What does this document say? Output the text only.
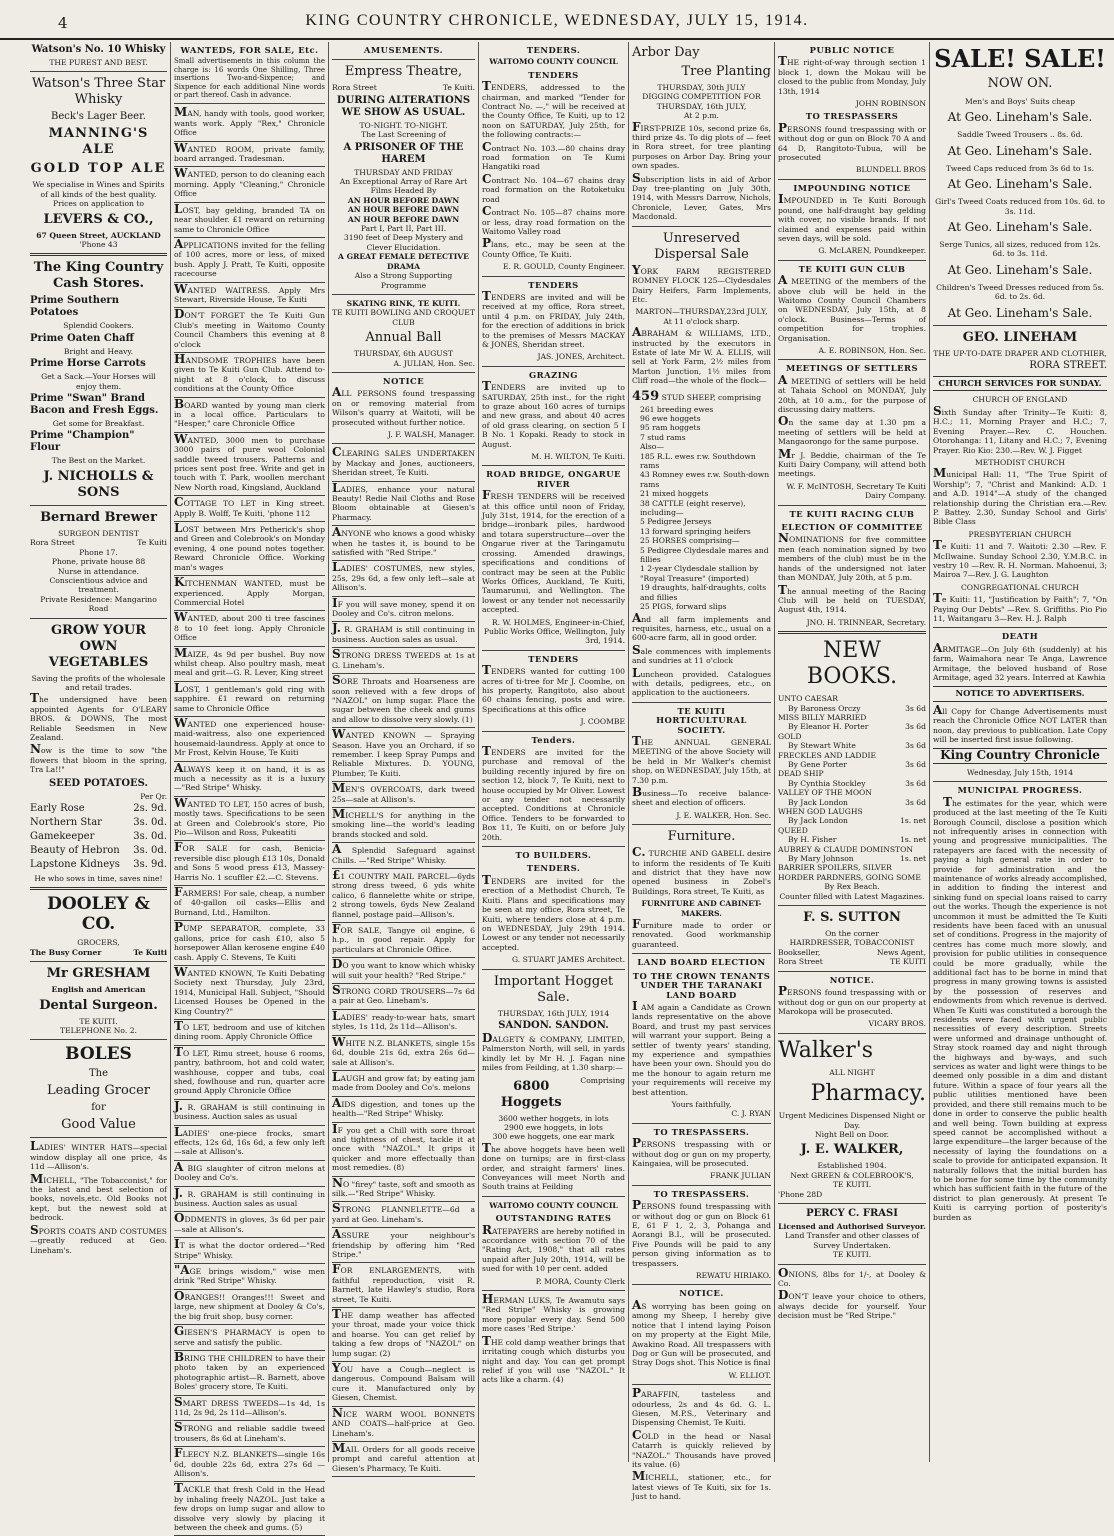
4	KING COUNTRY CHRONICLE, WEDNESDAY, JULY 15, 1914.
Watson's No. 10 Whisky
THE PUREST AND BEST.
Watson's Three Star Whisky
Beck's Lager Beer.
MANNING'S ALE
GOLD TOP ALE
We specialise in Wines and Spirits of all kinds of the best quality.
Prices on application to
LEVERS & CO.,
67 Queen Street, AUCKLAND
'Phone 43
The King Country Cash Stores.
Prime Southern Potatoes
Splendid Cookers.
Prime Oaten Chaff
Bright and Heavy.
Prime Horse Carrots
Get a Sack.—Your Horses will enjoy them.
Prime "Swan" Brand Bacon and Fresh Eggs.
Get some for Breakfast.
Prime "Champion" Flour
The Best on the Market.
J. NICHOLLS & SONS
Bernard Brewer
SURGEON DENTIST
Rora Street	Te Kuiti
Phone 17.
Phone, private house 88
Nurse in attendance.
Conscientious advice and treatment.
Private Residence: Mangarino Road
GROW YOUR OWN VEGETABLES
Saving the profits of the wholesale and retail trades.
The undersigned have been appointed Agents for O'LEARY BROS. & DOWNS, The most Reliable Seedsmen in New Zealand.
Now is the time to sow "the flowers that bloom in the spring, Tra La!!"
SEED POTATOES.
Per Qr.
Early Rose	2s. 9d.
Northern Star	3s. 0d.
Gamekeeper	3s. 0d.
Beauty of Hebron 3s. 0d.
Lapstone Kidneys 3s. 9d.
He who sows in time, saves nine!
DOOLEY & CO.
GROCERS,
The Busy Corner	Te Kuiti
Mr GRESHAM
English and American
Dental Surgeon.
TE KUITI.
TELEPHONE No. 2.
BOLES
The
Leading Grocer
for
Good Value
LADIES' WINTER HATS—special window display all one price, 4s 11d —Allison's.
MICHELL, "The Tobacconist," for the latest and best selection of books, novels,etc. Old Books not kept, but the newest sold at bedrock.
SPORTS COATS AND COSTUMES —greatly reduced at Geo. Lineham's.
WANTEDS, FOR SALE, Etc.
Small advertisements in this column the charge is: 16 words One Shilling, Three insertions Two-and-Sixpence; and Sixpence for each additional Nine words or part thereof. Cash in advance.
MAN, handy with tools, good worker, wants work. Apply "Rex," Chronicle Office
WANTED ROOM, private family, board arranged. Tradesman.
WANTED, person to do cleaning each morning. Apply "Cleaning," Chronicle Office
LOST, bay gelding, branded TA on near shoulder. £1 reward on returning same to Chronicle Office
APPLICATIONS invited for the felling of 100 acres, more or less, of mixed bush. Apply J. Pratt, Te Kuiti, opposite racecourse
WANTED WAITRESS. Apply Mrs Stewart, Riverside House, Te Kuiti
DON'T FORGET the Te Kuiti Gun Club's meeting in Waitomo County Council Chambers this evening at 8 o'clock
HANDSOME TROPHIES have been given to Te Kuiti Gun Club. Attend to-night at 8 o'clock, to discuss conditions at the County Office
BOARD wanted by young man clerk in a local office. Particulars to "Hesper," care Chronicle Office
WANTED, 3000 men to purchase 3000 pairs of pure wool Colonial saddle tweed trousers. Patterns and prices sent post free. Write and get in touch with T. Park, woollen merchant New North road, Kingsland, Auckland
COTTAGE TO LET in King street. Apply B. Wolff, Te Kuiti, 'phone 112
LOST between Mrs Petherick's shop and Green and Colebrook's on Monday evening, 4 one pound notes together. Reward Chronicle Office. Working man's wages
KITCHENMAN WANTED, must be experienced. Apply Morgan, Commercial Hotel
WANTED, about 200 ti tree fascines 8 to 10 feet long. Apply Chronicle Office
MAIZE, 4s 9d per bushel. Buy now whilst cheap. Also poultry mash, meat meal and grit—G. R. Lever, King street
LOST, 1 gentleman's gold ring with sapphire. £1 reward on returning same to Chronicle Office
WANTED one experienced house-maid-waitress, also one experienced housemaid-laundress. Apply at once to Mr Frost, Kelvin House, Te Kuiti
ALWAYS keep it on hand, it is as much a necessity as it is a luxury —"Red Stripe" Whisky.
WANTED TO LET, 150 acres of bush, mostly taws. Specifications to be seen at Green and Colebrook's store, Pio Pio—Wilson and Ross, Pukeatiti
FOR SALE for cash, Benicia-reversible disc plough £13 10s, Donald and Sons 5 wood press £13, Massey-Harris No. 1 scuffler £2.—C. Stevens.
FARMERS! For sale, cheap, a number of 40-gallon oil casks—Ellis and Burnand, Ltd., Hamilton.
PUMP SEPARATOR, complete, 33 gallons, price for cash £10, also 5 horsepower Allan kerosene engine £40 cash. Apply C. Stevens, Te Kuiti
WANTED KNOWN, Te Kuiti Debating Society next Thursday, July 23rd, 1914, Municipal Hall. Subject, "Should Licensed Houses be Opened in the King Country?"
TO LET, bedroom and use of kitchen dining room. Apply Chronicle Office
TO LET, Rimu street, house 6 rooms, pantry, bathroom, hot and cold water, washhouse, copper and tubs, coal shed, fowlhouse and run, quarter acre ground Apply Chronicle Office
J. R. GRAHAM is still continuing in business. Auction sales as usual
LADIES' one-piece frocks, smart effects, 12s 6d, 16s 6d, a few only left—sale at Allison's.
A BIG slaughter of citron melons at Dooley and Co's.
J. R. GRAHAM is still continuing in business. Auction sales as usual
ODDMENTS in gloves, 3s 6d per pair—sale at Allison's.
IT is what the doctor ordered—"Red Stripe" Whisky.
"AGE brings wisdom," wise men drink "Red Stripe" Whisky.
ORANGES!! Oranges!!! Sweet and large, new shipment at Dooley & Co's, the big fruit shop, busy corner.
GIESEN'S PHARMACY is open to serve and satisfy the public.
BRING THE CHILDREN to have their photo taken by an experienced photographic artist—R. Barnett, above Boles' grocery store, Te Kuiti.
SMART DRESS TWEEDS—1s 4d, 1s 11d, 2s 9d, 2s 11d—Allison's.
STRONG and reliable saddle tweed trousers, 8s 6d at Lineham's.
FLEECY N.Z. BLANKETS—single 16s 6d, double 22s 6d, extra 27s 6d —Allison's.
TACKLE that fresh Cold in the Head by inhaling freely NAZOL. Just take a few drops on lump sugar and allow to dissolve very slowly by placing it between the cheek and gums. (5)
AMUSEMENTS.
Empress Theatre,
Rora Street	Te Kuiti.
DURING ALTERATIONS WE SHOW AS USUAL.
TO-NIGHT. TO-NIGHT.
The Last Screening of
A PRISONER OF THE HAREM
THURSDAY AND FRIDAY
An Exceptional Array of Rare Art Films Headed By
AN HOUR BEFORE DAWN
AN HOUR BEFORE DAWN
AN HOUR BEFORE DAWN
Part I, Part II, Part III.
3190 feet of Deep Mystery and Clever Elucidation.
A GREAT FEMALE DETECTIVE DRAMA
Also a Strong Supporting Programme
SKATING RINK, TE KUITI.
TE KUITI BOWLING AND CROQUET CLUB
Annual Ball
THURSDAY, 6th AUGUST
A. JULIAN, Hon. Sec.
NOTICE
ALL PERSONS found trespassing on or removing material from Wilson's quarry at Waitoti, will be prosecuted without further notice.
J. F. WALSH, Manager.
CLEARING SALES UNDERTAKEN by Mackay and Jones, auctioneers, Sheridan street, Te Kuiti.
LADIES, enhance your natural Beauty! Redie Nail Cloths and Rose Bloom obtainable at Giesen's Pharmacy.
ANYONE who knows a good whisky when he tastes it, is bound to be satisfied with "Red Stripe."
LADIES' COSTUMES, new styles, 25s, 29s 6d, a few only left—sale at Allison's.
IF you will save money, spend it on Dooley and Co's. citron melons.
J. R. GRAHAM is still continuing in business. Auction sales as usual.
STRONG DRESS TWEEDS at 1s at G. Lineham's.
SORE Throats and Hoarseness are soon relieved with a few drops of "NAZOL" on lump sugar. Place the sugar between the cheek and gums and allow to dissolve very slowly. (1)
WANTED KNOWN — Spraying Season. Have you an Orchard, if so remember. I keep Spray Pumps and Reliable Mixtures. D. YOUNG, Plumber, Te Kuiti.
MEN'S OVERCOATS, dark tweed 25s—sale at Allison's.
MICHELL'S for anything in the smoking line—the world's leading brands stocked and sold.
A Splendid Safeguard against Chills. —"Red Stripe" Whisky.
£1 COUNTRY MAIL PARCEL—6yds strong dress tweed, 6 yds white calico, 6 flannelette white or stripe, 2 strong towels, 6yds New Zealand flannel, postage paid—Allison's.
FOR SALE, Tangye oil engine, 6 h.p., in good repair. Apply for particulars at Chronicle Office.
DO you want to know which whisky will suit your health? "Red Stripe."
STRONG CORD TROUSERS—7s 6d a pair at Geo. Lineham's.
LADIES' ready-to-wear hats, smart styles, 1s 11d, 2s 11d—Allison's.
WHITE N.Z. BLANKETS, single 15s 6d, double 21s 6d, extra 26s 6d—sale at Allison's.
LAUGH and grow fat; by eating jam made from Dooley and Co's. melons
AIDS digestion, and tones up the health—"Red Stripe" Whisky.
IF you get a Chill with sore throat and tightness of chest, tackle it at once with "NAZOL." It grips it quicker and more effectually than most remedies. (8)
NO "firey" taste, soft and smooth as silk.—"Red Stripe" Whisky.
STRONG FLANNELETTE—6d a yard at Geo. Lineham's.
ASSURE your neighbour's friendship by offering him "Red Stripe."
FOR ENLARGEMENTS, with faithful reproduction, visit R. Barnett, late Hawley's studio, Rora street, Te Kuiti.
THE damp weather has affected your throat, made your voice thick and hoarse. You can get relief by taking a few drops of "NAZOL" on lump sugar. (2)
YOU have a Cough—neglect is dangerous. Compound Balsam will cure it. Manufactured only by Giesen, Chemist.
NICE WARM WOOL BONNETS AND COATS—half-price at Geo. Lineham's.
MAIL Orders for all goods receive prompt and careful attention at Giesen's Pharmacy, Te Kuiti.
TENDERS.
WAITOMO COUNTY COUNCIL
TENDERS
TENDERS, addressed to the chairman, and marked "Tender for Contract No. —," will be received at the County Office, Te Kuiti, up to 12 noon on SATURDAY, July 25th, for the following contracts:—
Contract No. 103.—80 chains dray road formation on Te Kumi Hangatiki road
Contract No. 104—67 chains dray road formation on the Rotoketuku road
Contract No. 105—87 chains more or less, dray road formation on the Waitomo Valley road
Plans, etc., may be seen at the County Office, Te Kuiti.
E. R. GOULD, County Engineer.
TENDERS
TENDERS are invited and will be received at my office, Rora street, until 4 p.m. on FRIDAY, July 24th, for the erection of additions in brick to the premises of Messrs MACKAY & JONES, Sheridan street.
JAS. JONES, Architect.
GRAZING
TENDERS are invited up to SATURDAY, 25th inst., for the right to graze about 160 acres of turnips and new grass, and about 40 acres of old grass clearing, on section 5 I B No. 1 Kopaki. Ready to stock in August.
M. H. WILTON, Te Kuiti.
ROAD BRIDGE, ONGARUE RIVER
FRESH TENDERS will be received at this office until noon of Friday, July 31st, 1914, for the erection of a bridge—ironbark piles, hardwood and totara superstructure—over the Ongarue river at the Taringamutu crossing. Amended drawings, specifications and conditions of contract may be seen at the Public Works Offices, Auckland, Te Kuiti, Taumarunui, and Wellington. The lowest or any tender not necessarily accepted.
R. W. HOLMES, Engineer-in-Chief, Public Works Office, Wellington, July 3rd, 1914.
TENDERS
TENDERS wanted for cutting 100 acres of ti-tree for Mr J. Coombe, on his property, Rangitoto, also about 60 chains fencing, posts and wire. Specifications at this office
J. COOMBE
Tenders.
TENDERS are invited for the purchase and removal of the building recently injured by fire on section 12, block 7, Te Kuiti, next to house occupied by Mr Oliver. Lowest or any tender not necessarily accepted. Conditions at Chronicle Office. Tenders to be forwarded to Box 11, Te Kuiti, on or before July 20th.
TO BUILDERS.
TENDERS.
TENDERS are invited for the erection of a Methodist Church, Te Kuiti. Plans and specifications may be seen at my office, Rora street, Te Kuiti, where tenders close at 4 p.m. on WEDNESDAY, July 29th 1914. Lowest or any tender not necessarily accepted.
G. STUART JAMES Architect.
Important Hogget Sale.
THURSDAY, 16th JULY, 1914
SANDON. SANDON.
DALGETY & COMPANY, LIMITED, Palmerston North, will sell, in yards kindly let by Mr H. J. Fagan nine miles from Feilding, at 1.30 sharp:—
6800 Hoggets
Comprising
3600 wether hoggets, in lots
2900 ewe hoggets, in lots
300 ewe hoggets, one ear mark
The above hoggets have been well done on turnips; are in first-class order, and straight farmers' lines. Conveyances will meet North and South trains at Feilding
WAITOMO COUNTY COUNCIL
OUTSTANDING RATES
RATEPAYERS are hereby notified in accordance with section 70 of the "Rating Act, 1908," that all rates unpaid after July 20th, 1914, will be sued for with 10 per cent. added
P. MORA, County Clerk
HERMAN LUKS, Te Awamutu says "Red Stripe" Whisky is growing more popular every day. Send 500 more cases 'Red Stripe.'
THE cold damp weather brings that irritating cough which disturbs you night and day. You can get prompt relief if you will use "NAZOL." It acts like a charm. (4)
Arbor Day
Tree Planting
THURSDAY, 30th JULY
DIGGING COMPETITION FOR THURSDAY, 16th JULY,
At 2 p.m.
FIRST-PRIZE 10s, second prize 6s, third prize 4s. To dig plots of — feet in Rora street, for tree planting purposes on Arbor Day. Bring your own spades.
Subscription lists in aid of Arbor Day tree-planting on July 30th, 1914, with Messrs Darrow, Nichols, Chronicle, Lever, Gates, Mrs Macdonald.
Unreserved Dispersal Sale
YORK FARM REGISTERED ROMNEY FLOCK 125—Clydesdales Dairy Heifers, Farm Implements, Etc.
MARTON—THURSDAY,23rd JULY,
At 11 o'clock sharp.
ABRAHAM & WILLIAMS, LTD., instructed by the executors in Estate of late Mr W. A. ELLIS, will sell at York Farm, 2½ miles from Marton Junction, 1½ miles from Cliff road—the whole of the flock—
459 STUD SHEEP, comprising
261 breeding ewes
96 ewe hoggets
95 ram hoggets
7 stud rams
Also—
185 R.L. ewes r.w. Southdown rams
43 Romney ewes r.w. South-down rams
21 mixed hoggets
38 CATTLE (eight reserve), including—
5 Pedigree Jerseys
13 forward springing heifers
25 HORSES comprising—
5 Pedigree Clydesdale mares and fillies
1 2-year Clydesdale stallion by "Royal Treasure" (imported)
19 draughts, half-draughts, colts and fillies
25 PIGS, forward slips
And all farm implements and requisites, harness, etc., usual on a 600-acre farm, all in good order.
Sale commences with implements and sundries at 11 o'clock
Luncheon provided. Catalogues with details, pedigrees, etc., on application to the auctioneers.
TE KUITI HORTICULTURAL SOCIETY.
THE ANNUAL GENERAL MEETING of the above Society will be held in Mr Walker's chemist shop, on WEDNESDAY, July 15th, at 7.30 p.m.
Business—To receive balance-sheet and election of officers.
J. E. WALKER, Hon. Sec.
Furniture.
C. TURCHIE AND GABELL desire to inform the residents of Te Kuiti and district that they have now opened business in Zobel's Buildings, Rora street, Te Kuiti, as
FURNITURE AND CABINET-MAKERS.
Furniture made to order or renovated. Good workmanship guaranteed.
LAND BOARD ELECTION
TO THE CROWN TENANTS UNDER THE TARANAKI LAND BOARD
I AM again a Candidate as Crown lands representative on the above Board, and trust my past services will warrant your support. Being a settler of twenty years' standing, my experience and sympathies have been your own. Should you do me the honour to again return me your requirements will receive my best attention.
Yours faithfully,
C. J. RYAN
TO TRESPASSERS.
PERSONS trespassing with or without dog or gun on my property, Kaingaiea, will be prosecuted.
FRANK JULIAN
TO TRESPASSERS.
PERSONS found trespassing with or without dog or gun on Block 61 E, 61 F 1, 2, 3, Pohanga and Aorangi B.I., will be prosecuted. Five Pounds will be paid to any person giving information as to trespassers.
REWATU HIRIAKO.
NOTICE.
AS worrying has been going on among my Sheep, I hereby give notice that I intend laying Poison on my property at the Eight Mile, Awakino Road. All trespassers with Dog or Gun will be prosecuted, and Stray Dogs shot. This Notice is final
W. ELLIOT.
PARAFFIN, tasteless and odourless, 2s and 4s 6d. G. L. Giesen, M.P.S., Veterinary and Dispensing Chemist, Te Kuiti.
COLD in the head or Nasal Catarrh is quickly relieved by "NAZOL." Thousands have proved its value. (6)
MICHELL, stationer, etc., for latest views of Te Kuiti, six for 1s. Just to hand.
PUBLIC NOTICE
THE right-of-way through section 1 block 1, down the Mokau will be closed to the public from Monday, July 13th, 1914
JOHN ROBINSON
TO TRESPASSERS
PERSONS found trespassing with or without dog or gun on Block 70 A and 64 D, Rangitoto-Tubua, will be prosecuted
BLUNDELL BROS
IMPOUNDING NOTICE
IMPOUNDED in Te Kuiti Borough pound, one half-draught bay gelding with cover, no visible brands. If not claimed and expenses paid within seven days, will be sold.
G. McLAREN, Poundkeeper.
TE KUITI GUN CLUB
A MEETING of the members of the above club will be held in the Waitomo County Council Chambers on WEDNESDAY, July 15th, at 8 o'clock. Business—Terms of competition for trophies. Organisation.
A. E. ROBINSON, Hon. Sec.
MEETINGS OF SETTLERS
A MEETING of settlers will be held at Tahaia School on MONDAY, July 20th, at 10 a.m., for the purpose of discussing dairy matters.
On the same day at 1.30 pm a meeting of settlers will be held at Mangaorongo for the same purpose.
Mr J. Beddie, chairman of the Te Kuiti Dairy Company, will attend both meetings.
W. F. McINTOSH, Secretary Te Kuiti Dairy Company.
TE KUITI RACING CLUB
ELECTION OF COMMITTEE
NOMINATIONS for five committee men (each nomination signed by two members of the club) must be in the hands of the undersigned not later than MONDAY, July 20th, at 5 p.m.
The annual meeting of the Racing Club will be held on TUESDAY, August 4th, 1914.
JNO. H. TRINNEAR, Secretary.
NEW BOOKS.
UNTO CAESAR
By Baroness Orczy	3s 6d
MISS BILLY MARRIED
By Eleanor H. Porter	3s 6d
GOLD
By Stewart White	3s 6d
FRECKLES AND LADDIE
By Gene Porter	3s 6d
DEAD SHIP
By Cynthia Stockley	3s 6d
VALLEY OF THE MOON
By Jack London	3s 6d
WHEN GOD LAUGHS
By Jack London	1s. net
QUEED
By H. Fisher	1s. net
AUBREY & CLAUDE DOMINSTON
By Mary Johnson	1s. net
BARRIER SPOILERS, SILVER HORDER PARDNERS, GOING SOME
By Rex Beach.
Counter filled with Latest Magazines.
F. S. SUTTON
On the corner
HAIRDRESSER, TOBACCONIST
Bookseller,	News Agent,
Rora Street	TE KUITI
NOTICE.
PERSONS found trespassing with or without dog or gun on our property at Marokopa will be prosecuted.
VICARY BROS.
Walker's
ALL NIGHT
Pharmacy.
Urgent Medicines Dispensed Night or Day.
Night Bell on Door.
J. E. WALKER,
Established 1904.
Next GREEN & COLEBROOK'S,
TE KUITI.
'Phone 28D
PERCY C. FRASI
Licensed and Authorised Surveyor.
Land Transfer and other classes of Survey Undertaken.
TE KUITI.
ONIONS, 8lbs for 1/-, at Dooley & Co.
DON'T leave your choice to others, always decide for yourself. Your decision must be "Red Stripe."
SALE! SALE!
NOW ON.
Men's and Boys' Suits cheap
At Geo. Lineham's Sale.
Saddle Tweed Trousers .. 8s. 6d.
At Geo. Lineham's Sale.
Tweed Caps reduced from 3s 6d to 1s.
At Geo. Lineham's Sale.
Girl's Tweed Coats reduced from 10s. 6d. to 3s. 11d.
At Geo. Lineham's Sale.
Serge Tunics, all sizes, reduced from 12s. 6d. to 3s. 11d.
At Geo. Lineham's Sale.
Children's Tweed Dresses reduced from 5s. 6d. to 2s. 6d.
At Geo. Lineham's Sale.
GEO. LINEHAM
THE UP-TO-DATE DRAPER AND CLOTHIER,
RORA STREET.
CHURCH SERVICES FOR SUNDAY.
CHURCH OF ENGLAND
Sixth Sunday after Trinity—Te Kuiti: 8, H.C.; 11, Morning Prayer and H.C.; 7, Evening Prayer.—Rev. C. Houchen. Otorohanga: 11, Litany and H.C.; 7, Evening Prayer. Rio Kio: 230.—Rev. W. J. Figget
METHODIST CHURCH
Municipal Hall: 11, "The True Spirit of Worship"; 7, "Christ and Mankind: A.D. 1 and A.D. 1914"—A study of the changed relationship during the Christian era.—Rev. P. Battey. 2.30, Sunday School and Girls' Bible Class
PRESBYTERIAN CHURCH
Te Kuiti: 11 and 7. Waitoti: 2.30 —Rev. F. McIlwaine. Sunday School 2.30, Y.M.B.C. in vestry 10 —Rev. R. H. Norman. Mahoenui, 3; Mairoa 7—Rev. J. G. Laughton
CONGREGATIONAL CHURCH
Te Kuiti: 11, "Justification by Faith"; 7, "On Paying Our Debts" —Rev. S. Griffiths. Pio Pio 11, Waitangaru 3—Rev. H. J. Ralph
DEATH
ARMITAGE—On July 6th (suddenly) at his farm, Waimahora near Te Anga, Lawrence Armitage, the beloved husband of Rose Armitage, aged 32 years. Interred at Kawhia
NOTICE TO ADVERTISERS.
All Copy for Change Advertisements must reach the Chronicle Office NOT LATER than noon, day previous to publication. Late Copy will be inserted first issue following.
King Country Chronicle
Wednesday, July 15th, 1914
MUNICIPAL PROGRESS.
The estimates for the year, which were produced at the last meeting of the Te Kuiti Borough Council, disclose a position which not infrequently arises in connection with young and progressive municipalities. The ratepayers are faced with the necessity of paying a high general rate in order to provide for administration and the maintenance of works already accomplished, in addition to finding the interest and sinking fund on special loans raised to carry out the works. Though the experience is not uncommon it must be admitted the Te Kuiti residents have been faced with an unusual set of conditions. Progress in the majority of centres has come much more slowly, and provision for public utilities in consequence could be more gradually, while the additional fact has to be borne in mind that progress in many growing towns is assisted by the possession of reserves and endowments from which revenue is derived. When Te Kuiti was constituted a borough the residents were faced with urgent public necessities of every description. Streets were unformed and drainage unthought of. Stray stock roamed day and night through the highways and by-ways, and such services as water and light were things to be deemed only possible in a dim and distant future. Within a space of four years all the public utilities mentioned have been provided, and there still remains much to be done in order to conserve the public health and well being. Town building at express speed cannot be accomplished without a large expenditure—the larger because of the necessity of laying the foundations on a scale to provide for anticipated expansion. It naturally follows that the initial burden has to be borne for some time by the community which has sufficient faith in the future of the district to plan generously. At present Te Kuiti is carrying portion of posterity's burden as
